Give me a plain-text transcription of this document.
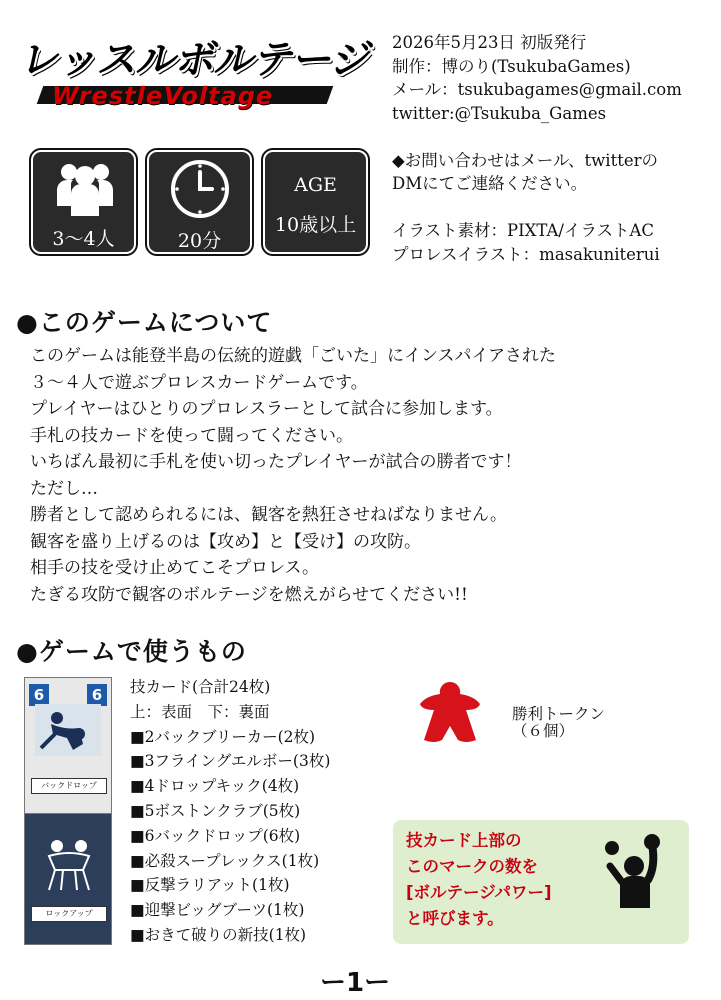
レッスルボルテージ
WrestleVoltage
2026年5月23日 初版発行
制作：博のり(TsukubaGames)
メール：tsukubagames@gmail.com
twitter:@Tsukuba_Games
◆お問い合わせはメール、twitterの
DMにてご連絡ください。
イラスト素材：PIXTA/イラストAC
プロレスイラスト：masakuniterui
3～4人	20分
AGE
10歳以上
●このゲームについて
このゲームは能登半島の伝統的遊戯「ごいた」にインスパイアされた
３～４人で遊ぶプロレスカードゲームです。
プレイヤーはひとりのプロレスラーとして試合に参加します。
手札の技カードを使って闘ってください。
いちばん最初に手札を使い切ったプレイヤーが試合の勝者です！
ただし…
勝者として認められるには、観客を熱狂させねばなりません。
観客を盛り上げるのは【攻め】と【受け】の攻防。
相手の技を受け止めてこそプロレス。
たぎる攻防で観客のボルテージを燃えがらせてください!!
●ゲームで使うもの
6	6
バックドロップ
ロックアップ
技カード(合計24枚)
上：表面　下：裏面
■2バックブリーカー(2枚)
■3フライングエルボー(3枚)
■4ドロップキック(4枚)
■5ボストンクラブ(5枚)
■6バックドロップ(6枚)
■必殺スープレックス(1枚)
■反撃ラリアット(1枚)
■迎撃ビッグブーツ(1枚)
■おきて破りの新技(1枚)
勝利トークン
（６個）
技カード上部の
このマークの数を
[ボルテージパワー]
と呼びます。
ー1ー
